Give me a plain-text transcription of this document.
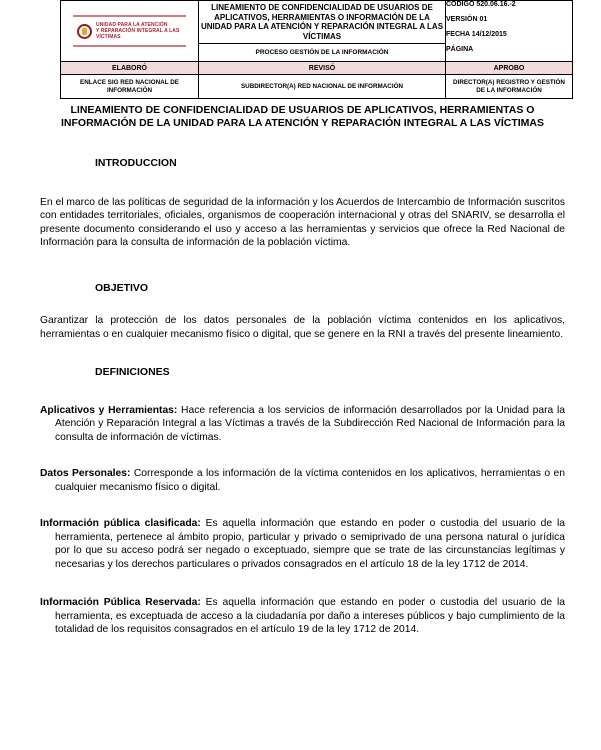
UNIDAD PARA LA ATENCIÓN
Y REPARACIÓN INTEGRAL A LAS VÍCTIMAS
	LINEAMIENTO DE CONFIDENCIALIDAD DE USUARIOS DE APLICATIVOS, HERRAMIENTAS O INFORMACIÓN DE LA UNIDAD PARA LA ATENCIÓN Y REPARACIÓN INTEGRAL A LAS VÍCTIMAS	
CÓDIGO 520.06.16.-2
VERSIÓN 01
FECHA 14/12/2015
PÁGINA

	PROCESO GESTIÓN DE LA INFORMACIÓN	
ELABORÓ	REVISÓ	APROBO
ENLACE SIG RED NACIONAL DE INFORMACIÓN	SUBDIRECTOR(A) RED NACIONAL DE INFORMACIÓN	DIRECTOR(A) REGISTRO Y GESTIÓN DE LA INFORMACIÓN
LINEAMIENTO DE CONFIDENCIALIDAD DE USUARIOS DE APLICATIVOS, HERRAMIENTAS O INFORMACIÓN DE LA UNIDAD PARA LA ATENCIÓN Y REPARACIÓN INTEGRAL A LAS VÍCTIMAS
INTRODUCCION

En el marco de las políticas de seguridad de la información y los Acuerdos de Intercambio de Información suscritos con entidades territoriales, oficiales, organismos de cooperación internacional y otras del SNARIV, se desarrolla el presente documento considerando el uso y acceso a las herramientas y servicios que ofrece la Red Nacional de Información para la consulta de información de la población víctima.

OBJETIVO

Garantizar la protección de los datos personales de la población víctima contenidos en los aplicativos, herramientas o en cualquier mecanismo físico o digital, que se genere en la RNI a través del presente lineamiento.

DEFINICIONES

Aplicativos y Herramientas: Hace referencia a los servicios de información desarrollados por la Unidad para la Atención y Reparación Integral a las Víctimas a través de la Subdirección Red Nacional de Información para la consulta de información de víctimas.

Datos Personales: Corresponde a los información de la víctima contenidos en los aplicativos, herramientas o en cualquier mecanismo físico o digital.

Información pública clasificada: Es aquella información que estando en poder o custodia del usuario de la herramienta, pertenece al ámbito propio, particular y privado o semiprivado de una persona natural o jurídica por lo que su acceso podrá ser negado o exceptuado, siempre que se trate de las circunstancias legítimas y necesarias y los derechos particulares o privados consagrados en el artículo 18 de la ley 1712 de 2014.

Información Pública Reservada: Es aquella información que estando en poder o custodia del usuario de la herramienta, es exceptuada de acceso a la ciudadanía por daño a intereses públicos y bajo cumplimiento de la totalidad de los requisitos consagrados en el artículo 19 de la ley 1712 de 2014.
